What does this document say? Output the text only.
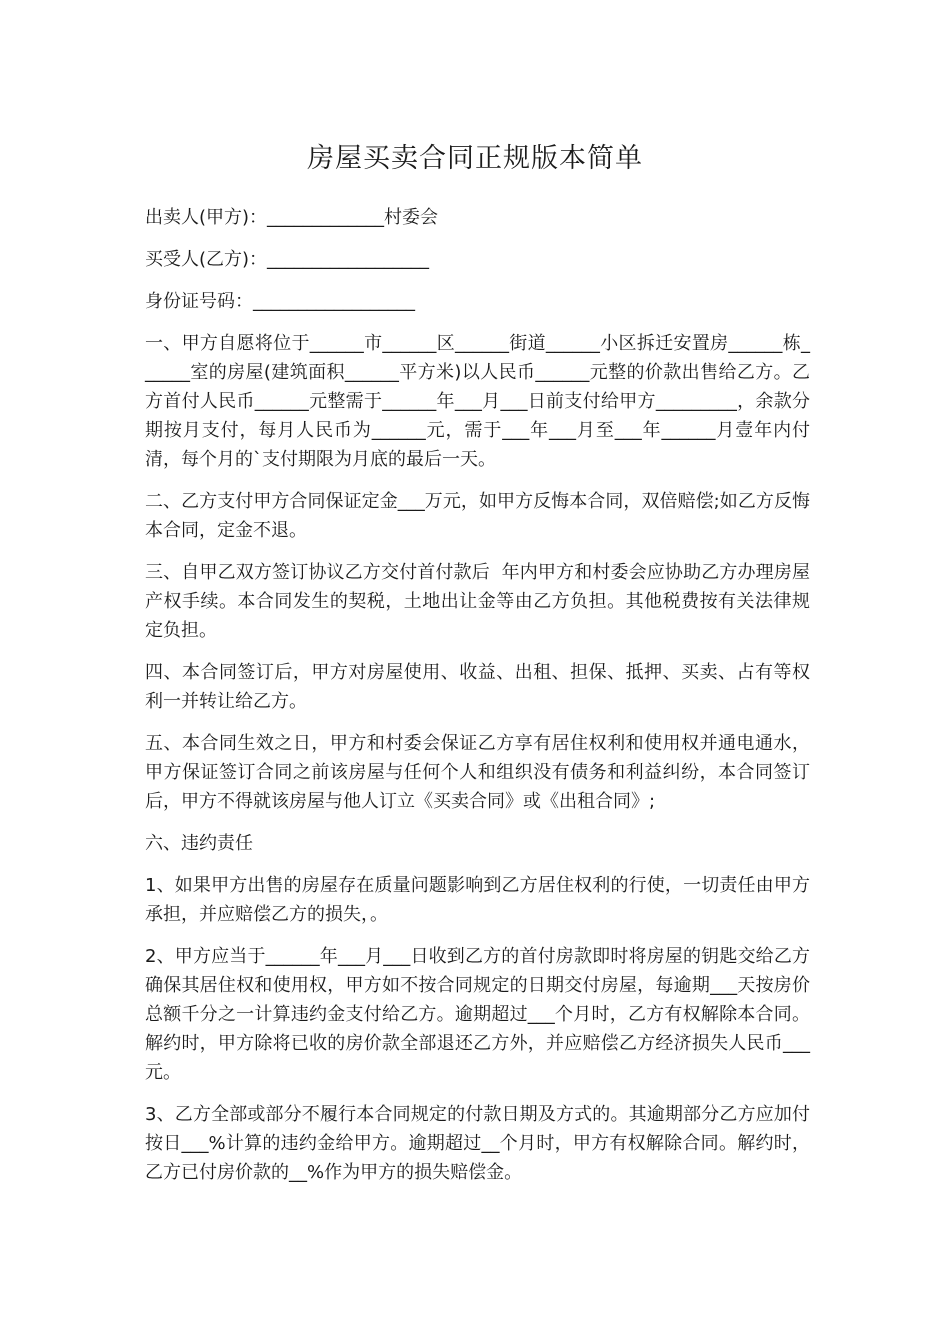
房屋买卖合同正规版本简单

出卖人(甲方)：_____________村委会

买受人(乙方)：__________________

身份证号码：__________________

一、甲方自愿将位于______市______区______街道______小区拆迁安置房______栋______室的房屋(建筑面积______平方米)以人民币______元整的价款出售给乙方。乙方首付人民币______元整需于______年___月___日前支付给甲方_________，余款分期按月支付，每月人民币为______元，需于___年___月至___年______月壹年内付清，每个月的`支付期限为月底的最后一天。

二、乙方支付甲方合同保证定金___万元，如甲方反悔本合同，双倍赔偿;如乙方反悔本合同，定金不退。

三、自甲乙双方签订协议乙方交付首付款后  年内甲方和村委会应协助乙方办理房屋产权手续。本合同发生的契税，土地出让金等由乙方负担。其他税费按有关法律规定负担。

四、本合同签订后，甲方对房屋使用、收益、出租、担保、抵押、买卖、占有等权利一并转让给乙方。

五、本合同生效之日，甲方和村委会保证乙方享有居住权利和使用权并通电通水，甲方保证签订合同之前该房屋与任何个人和组织没有债务和利益纠纷，本合同签订后，甲方不得就该房屋与他人订立《买卖合同》或《出租合同》;

六、违约责任

1、如果甲方出售的房屋存在质量问题影响到乙方居住权利的行使，一切责任由甲方承担，并应赔偿乙方的损失，。

2、甲方应当于______年___月___日收到乙方的首付房款即时将房屋的钥匙交给乙方确保其居住权和使用权，甲方如不按合同规定的日期交付房屋，每逾期___天按房价总额千分之一计算违约金支付给乙方。逾期超过___个月时，乙方有权解除本合同。解约时，甲方除将已收的房价款全部退还乙方外，并应赔偿乙方经济损失人民币___元。

3、乙方全部或部分不履行本合同规定的付款日期及方式的。其逾期部分乙方应加付按日___%计算的违约金给甲方。逾期超过__个月时，甲方有权解除合同。解约时，乙方已付房价款的__%作为甲方的损失赔偿金。
